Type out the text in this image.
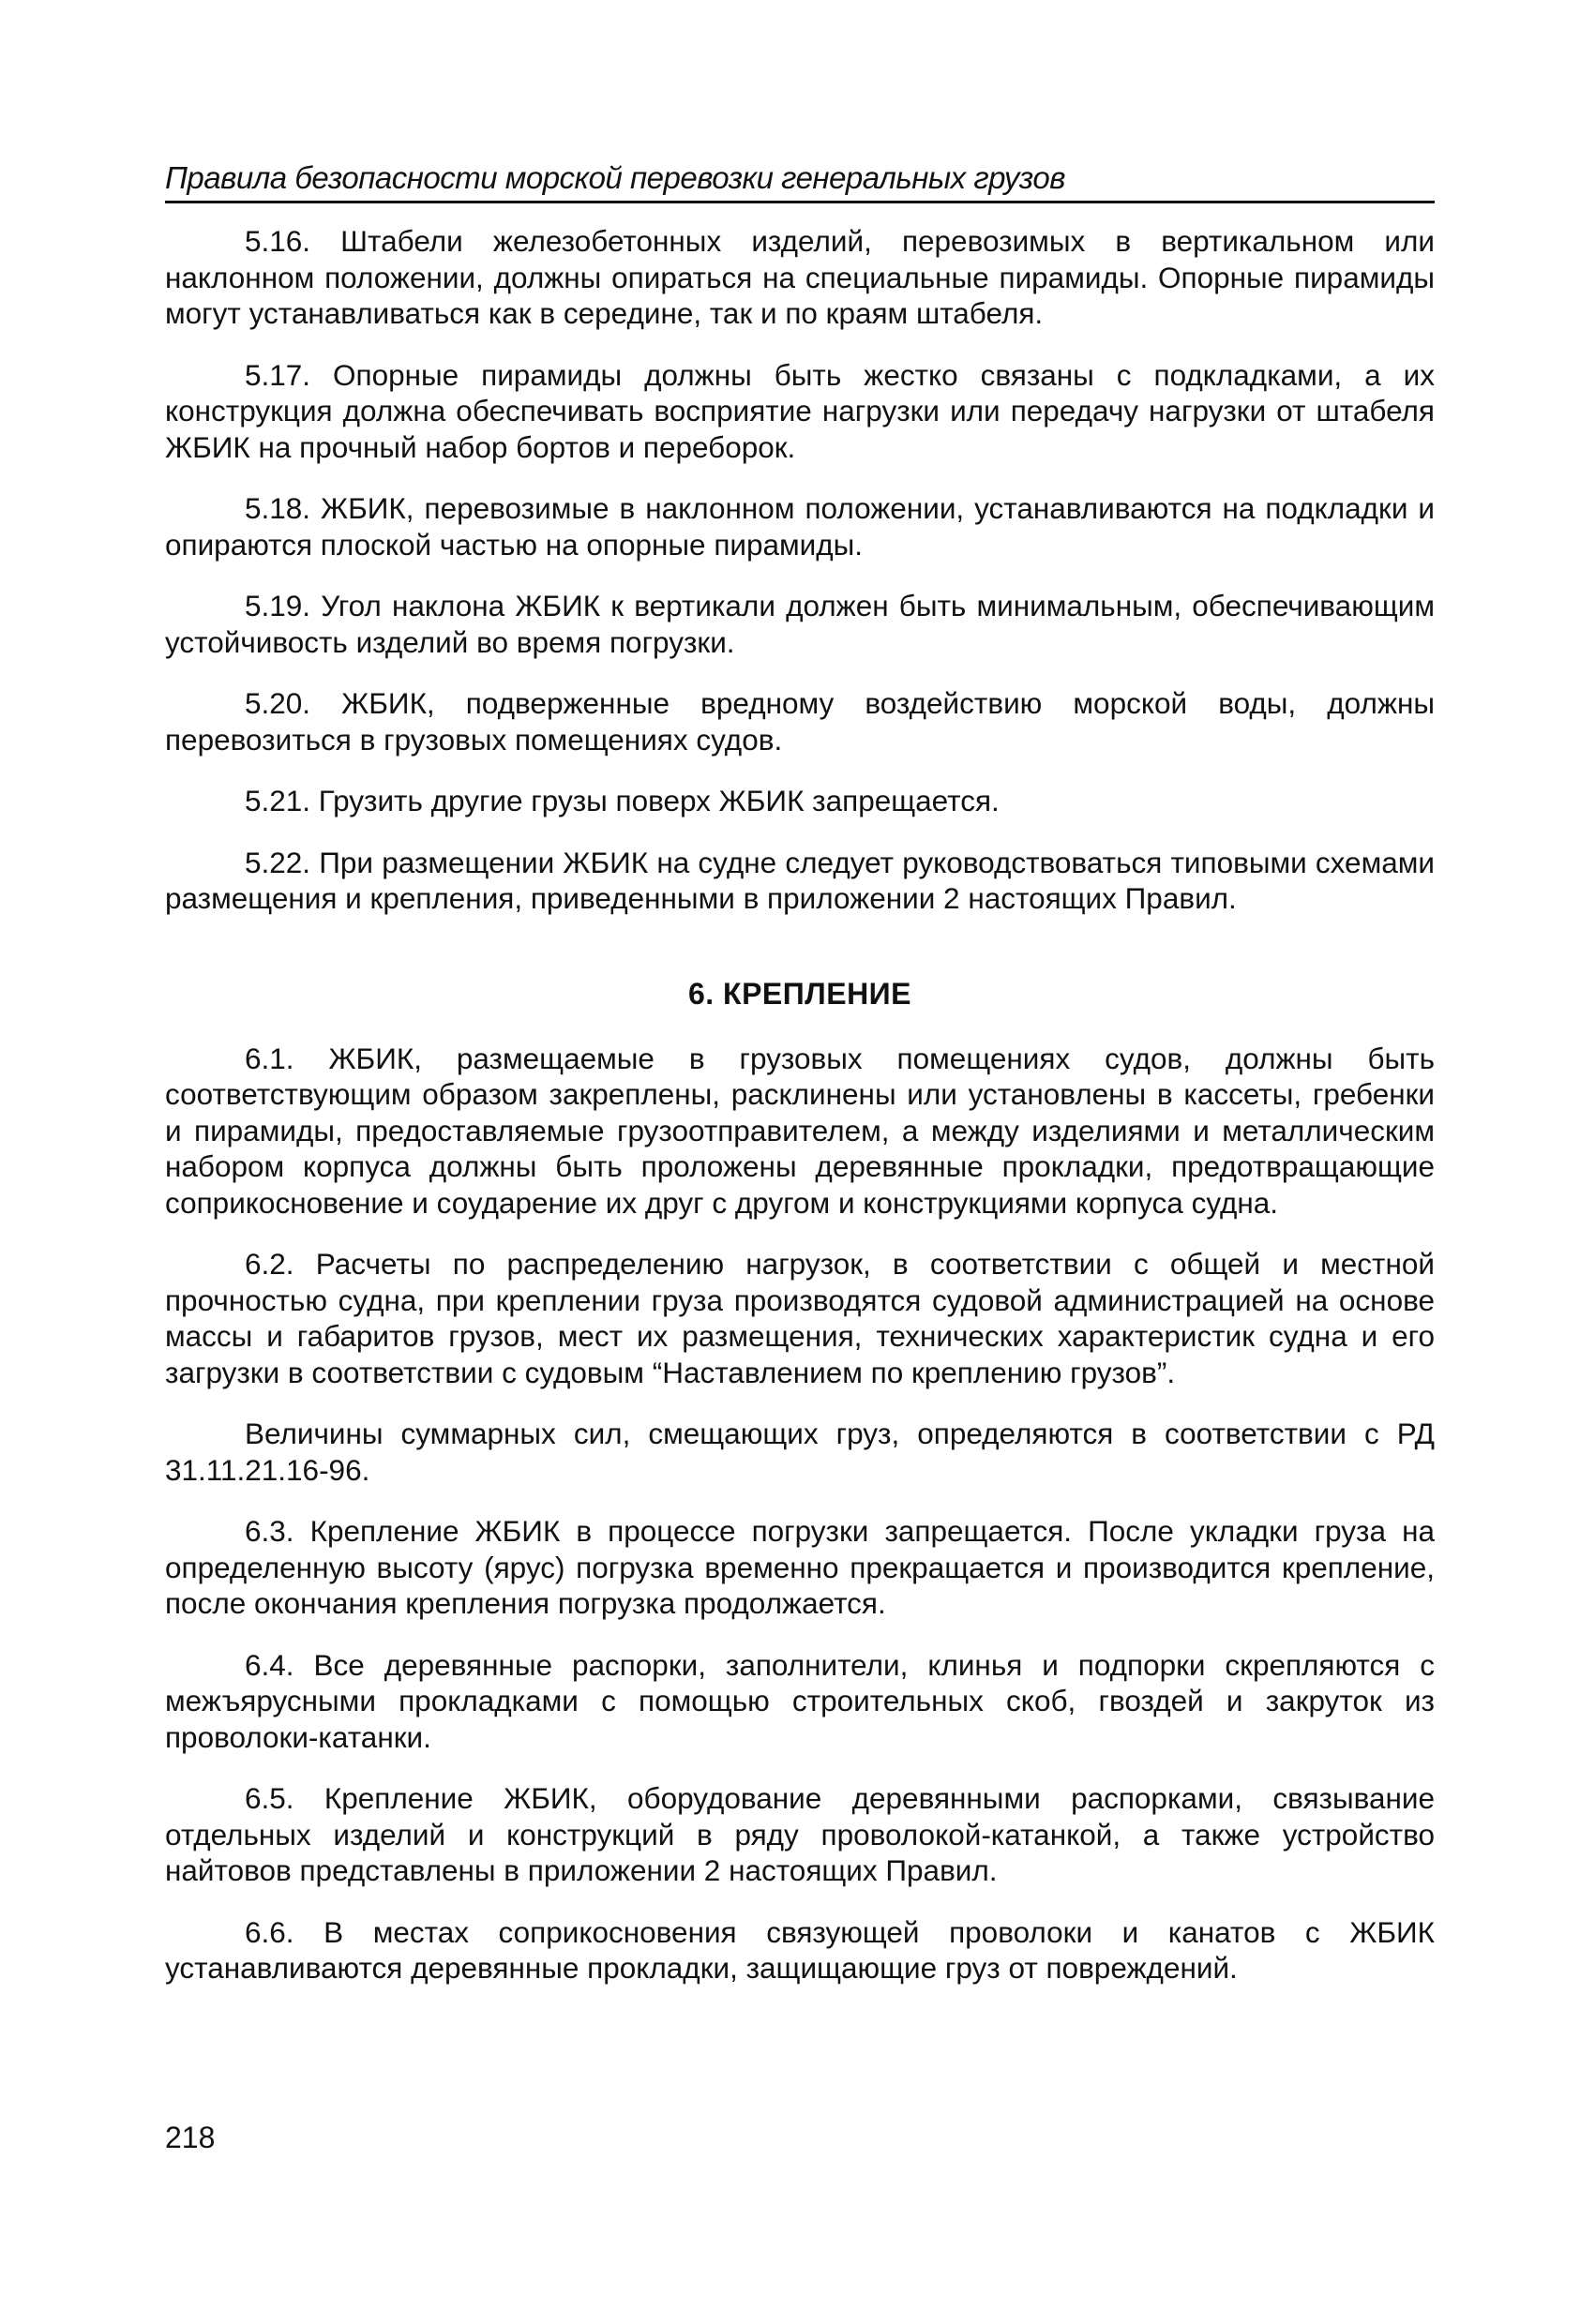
Правила безопасности морской перевозки генеральных грузов

5.16. Штабели железобетонных изделий, перевозимых в вертикальном или наклонном положении, должны опираться на специальные пирамиды. Опорные пирамиды могут устанавливаться как в середине, так и по краям штабеля.

5.17. Опорные пирамиды должны быть жестко связаны с подкладками, а их конструкция должна обеспечивать восприятие нагрузки или передачу нагрузки от штабеля ЖБИК на прочный набор бортов и переборок.

5.18. ЖБИК, перевозимые в наклонном положении, устанавливаются на подкладки и опираются плоской частью на опорные пирамиды.

5.19. Угол наклона ЖБИК к вертикали должен быть минимальным, обеспечивающим устойчивость изделий во время погрузки.

5.20. ЖБИК, подверженные вредному воздействию морской воды, должны перевозиться в грузовых помещениях судов.

5.21. Грузить другие грузы поверх ЖБИК запрещается.

5.22. При размещении ЖБИК на судне следует руководствоваться типовыми схемами размещения и крепления, приведенными в приложении 2 настоящих Правил.

6. КРЕПЛЕНИЕ

6.1. ЖБИК, размещаемые в грузовых помещениях судов, должны быть соответствующим образом закреплены, расклинены или установлены в кассеты, гребенки и пирамиды, предоставляемые грузоотправителем, а между изделиями и металлическим набором корпуса должны быть проложены деревянные прокладки, предотвращающие соприкосновение и соударение их друг с другом и конструкциями корпуса судна.

6.2. Расчеты по распределению нагрузок, в соответствии с общей и местной прочностью судна, при креплении груза производятся судовой администрацией на основе массы и габаритов грузов, мест их размещения, технических характеристик судна и его загрузки в соответствии с судовым “Наставлением по креплению грузов”.

Величины суммарных сил, смещающих груз, определяются в соответствии с РД 31.11.21.16-96.

6.3. Крепление ЖБИК в процессе погрузки запрещается. После укладки груза на определенную высоту (ярус) погрузка временно прекращается и производится крепление, после окончания крепления погрузка продолжается.

6.4. Все деревянные распорки, заполнители, клинья и подпорки скрепляются с межъярусными прокладками с помощью строительных скоб, гвоздей и закруток из проволоки-катанки.

6.5. Крепление ЖБИК, оборудование деревянными распорками, связывание отдельных изделий и конструкций в ряду проволокой-катанкой, а также устройство найтовов представлены в приложении 2 настоящих Правил.

6.6. В местах соприкосновения связующей проволоки и канатов с ЖБИК устанавливаются деревянные прокладки, защищающие груз от повреждений.

218
